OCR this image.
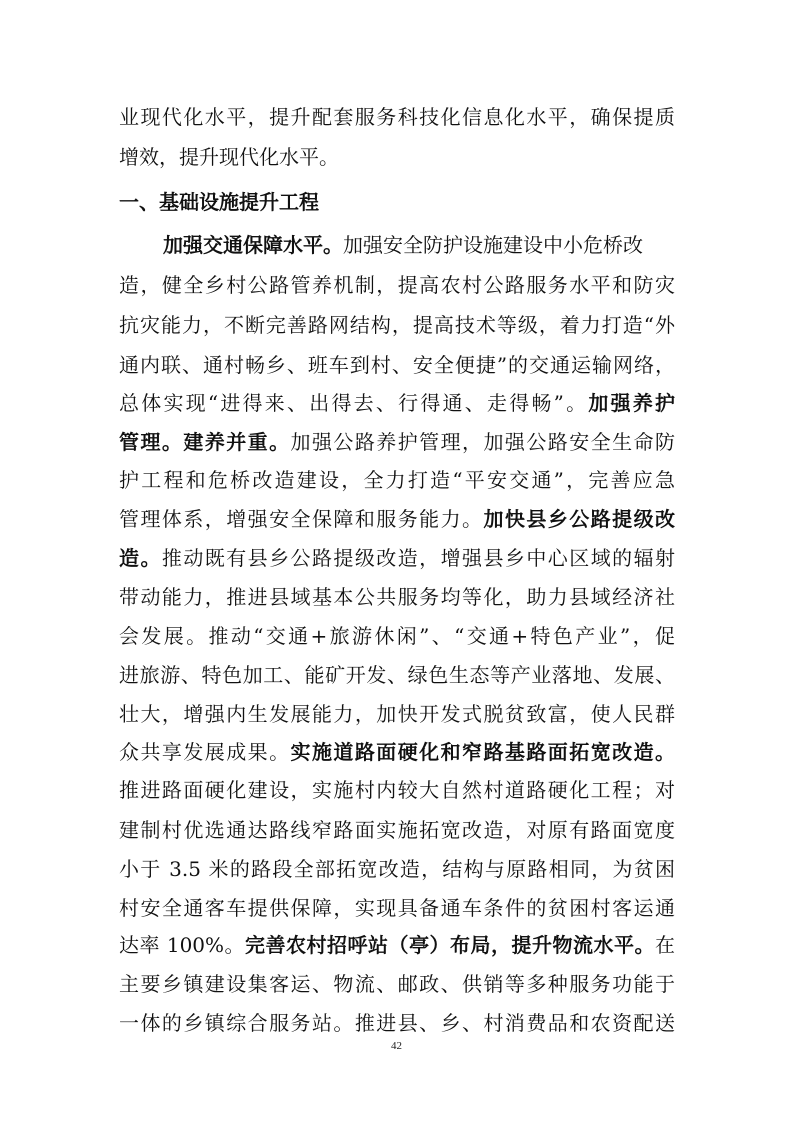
业现代化水平，提升配套服务科技化信息化水平，确保提质
增效，提升现代化水平。
一、基础设施提升工程
加强交通保障水平。加强安全防护设施建设中小危桥改
造，健全乡村公路管养机制，提高农村公路服务水平和防灾
抗灾能力，不断完善路网结构，提高技术等级，着力打造“外
通内联、通村畅乡、班车到村、安全便捷”的交通运输网络，
总体实现“进得来、出得去、行得通、走得畅”。加强养护
管理。建养并重。加强公路养护管理，加强公路安全生命防
护工程和危桥改造建设，全力打造“平安交通”，完善应急
管理体系，增强安全保障和服务能力。加快县乡公路提级改
造。推动既有县乡公路提级改造，增强县乡中心区域的辐射
带动能力，推进县域基本公共服务均等化，助力县域经济社
会发展。推动“交通+旅游休闲”、“交通+特色产业”，促
进旅游、特色加工、能矿开发、绿色生态等产业落地、发展、
壮大，增强内生发展能力，加快开发式脱贫致富，使人民群
众共享发展成果。实施道路面硬化和窄路基路面拓宽改造。
推进路面硬化建设，实施村内较大自然村道路硬化工程；对
建制村优选通达路线窄路面实施拓宽改造，对原有路面宽度
小于 3.5 米的路段全部拓宽改造，结构与原路相同，为贫困
村安全通客车提供保障，实现具备通车条件的贫困村客运通
达率 100%。完善农村招呼站（亭）布局，提升物流水平。在
主要乡镇建设集客运、物流、邮政、供销等多种服务功能于
一体的乡镇综合服务站。推进县、乡、村消费品和农资配送
42
